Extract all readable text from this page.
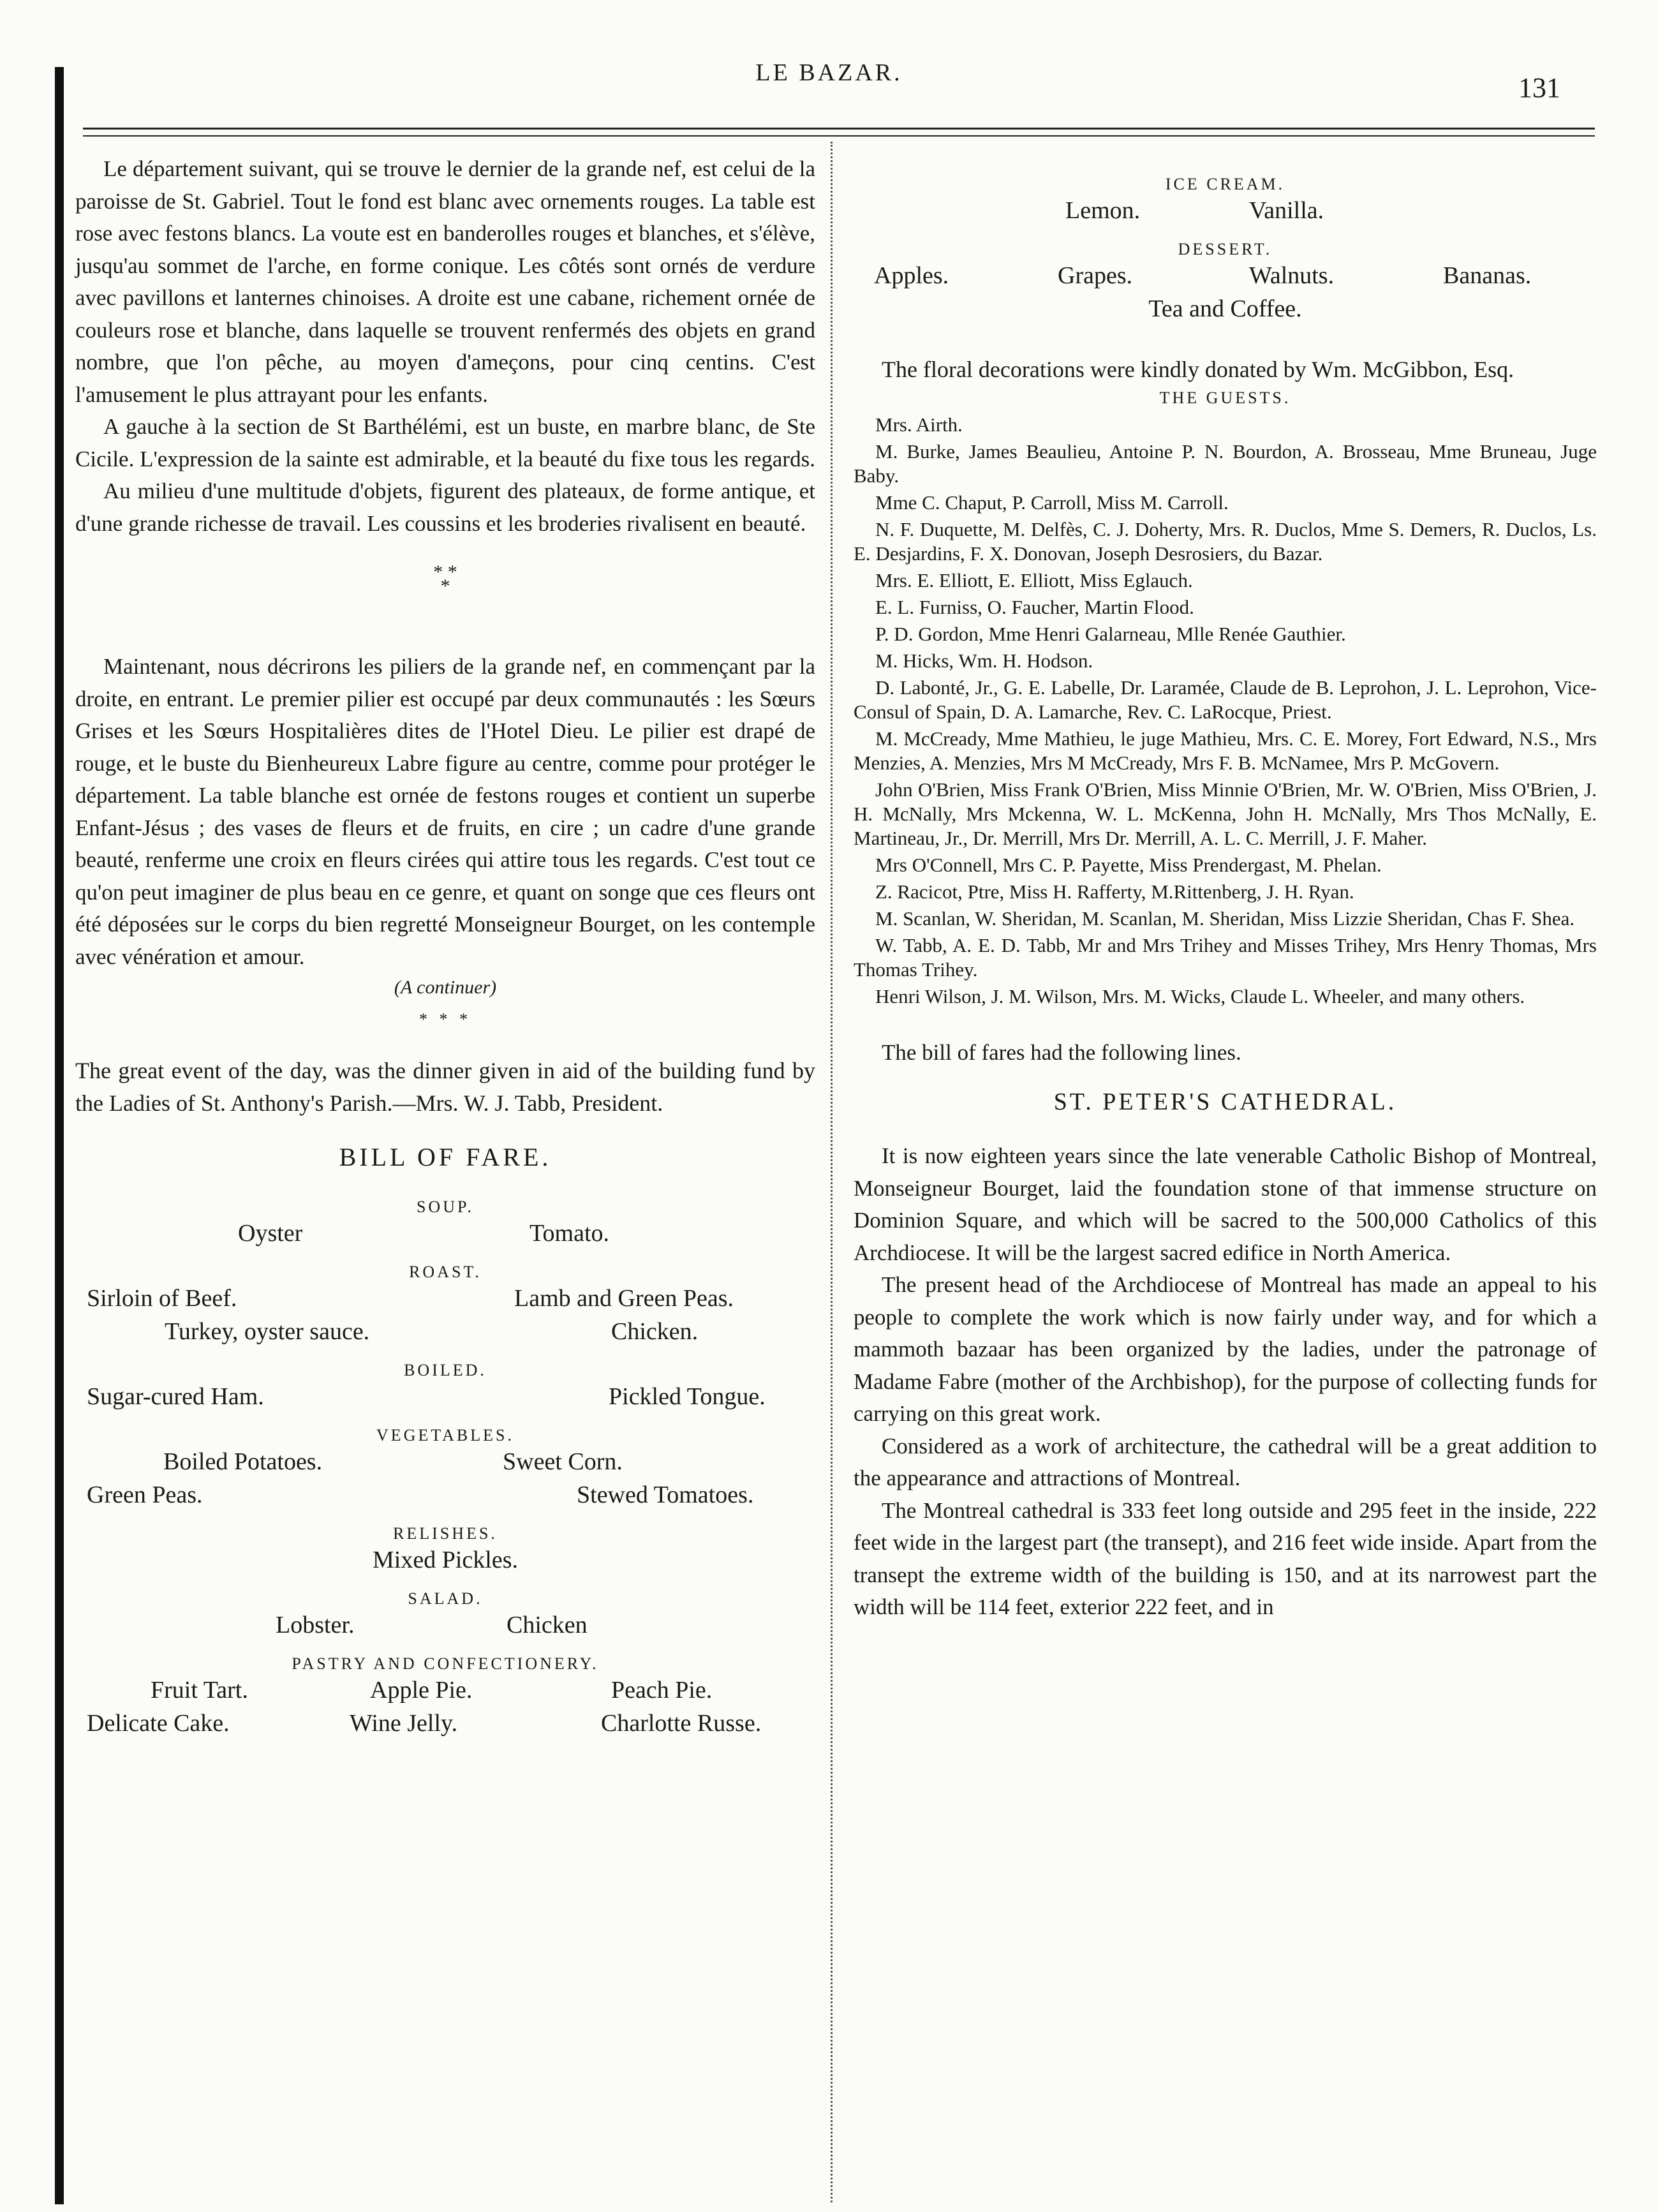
LE BAZAR.	131

Le département suivant, qui se trouve le dernier de la grande nef, est celui de la paroisse de St. Gabriel. Tout le fond est blanc avec ornements rouges. La table est rose avec festons blancs. La voute est en banderolles rouges et blanches, et s'élève, jusqu'au sommet de l'arche, en forme conique. Les côtés sont ornés de verdure avec pavillons et lanternes chinoises. A droite est une cabane, richement ornée de couleurs rose et blanche, dans laquelle se trouvent renfermés des objets en grand nombre, que l'on pêche, au moyen d'ameçons, pour cinq centins. C'est l'amusement le plus attrayant pour les enfants.

A gauche à la section de St Barthélémi, est un buste, en marbre blanc, de Ste Cicile. L'expression de la sainte est admirable, et la beauté du fixe tous les regards.

Au milieu d'une multitude d'objets, figurent des plateaux, de forme antique, et d'une grande richesse de travail. Les coussins et les broderies rivalisent en beauté.

* *
*

Maintenant, nous décrirons les piliers de la grande nef, en commençant par la droite, en entrant. Le premier pilier est occupé par deux communautés : les Sœurs Grises et les Sœurs Hospitalières dites de l'Hotel Dieu. Le pilier est drapé de rouge, et le buste du Bienheureux Labre figure au centre, comme pour protéger le département. La table blanche est ornée de festons rouges et contient un superbe Enfant-Jésus ; des vases de fleurs et de fruits, en cire ; un cadre d'une grande beauté, renferme une croix en fleurs cirées qui attire tous les regards. C'est tout ce qu'on peut imaginer de plus beau en ce genre, et quant on songe que ces fleurs ont été déposées sur le corps du bien regretté Monseigneur Bourget, on les contemple avec vénération et amour.

(A continuer)
* * *

The great event of the day, was the dinner given in aid of the building fund by the Ladies of St. Anthony's Parish.—Mrs. W. J. Tabb, President.

BILL OF FARE.
SOUP.
Oyster	Tomato.
ROAST.
Sirloin of Beef.	Lamb and Green Peas.
Turkey, oyster sauce.	Chicken.
BOILED.
Sugar-cured Ham.	Pickled Tongue.
VEGETABLES.
Boiled Potatoes.	Sweet Corn.
Green Peas.	Stewed Tomatoes.
RELISHES.
Mixed Pickles.
SALAD.
Lobster.	Chicken
PASTRY AND CONFECTIONERY.
Fruit Tart.	Apple Pie.	Peach Pie.
Delicate Cake.	Wine Jelly.	Charlotte Russe.
ICE CREAM.
Lemon.	Vanilla.
DESSERT.
Apples.	Grapes.	Walnuts.	Bananas.
Tea and Coffee.

The floral decorations were kindly donated by Wm. McGibbon, Esq.

THE GUESTS.

Mrs. Airth.

M. Burke, James Beaulieu, Antoine P. N. Bourdon, A. Brosseau, Mme Bruneau, Juge Baby.

Mme C. Chaput, P. Carroll, Miss M. Carroll.

N. F. Duquette, M. Delfès, C. J. Doherty, Mrs. R. Duclos, Mme S. Demers, R. Duclos, Ls. E. Desjardins, F. X. Donovan, Joseph Desrosiers, du Bazar.

Mrs. E. Elliott, E. Elliott, Miss Eglauch.

E. L. Furniss, O. Faucher, Martin Flood.

P. D. Gordon, Mme Henri Galarneau, Mlle Renée Gauthier.

M. Hicks, Wm. H. Hodson.

D. Labonté, Jr., G. E. Labelle, Dr. Laramée, Claude de B. Leprohon, J. L. Leprohon, Vice-Consul of Spain, D. A. Lamarche, Rev. C. LaRocque, Priest.

M. McCready, Mme Mathieu, le juge Mathieu, Mrs. C. E. Morey, Fort Edward, N.S., Mrs Menzies, A. Menzies, Mrs M McCready, Mrs F. B. McNamee, Mrs P. McGovern.

John O'Brien, Miss Frank O'Brien, Miss Minnie O'Brien, Mr. W. O'Brien, Miss O'Brien, J. H. McNally, Mrs Mckenna, W. L. McKenna, John H. McNally, Mrs Thos McNally, E. Martineau, Jr., Dr. Merrill, Mrs Dr. Merrill, A. L. C. Merrill, J. F. Maher.

Mrs O'Connell, Mrs C. P. Payette, Miss Prendergast, M. Phelan.

Z. Racicot, Ptre, Miss H. Rafferty, M.Rittenberg, J. H. Ryan.

M. Scanlan, W. Sheridan, M. Scanlan, M. Sheridan, Miss Lizzie Sheridan, Chas F. Shea.

W. Tabb, A. E. D. Tabb, Mr and Mrs Trihey and Misses Trihey, Mrs Henry Thomas, Mrs Thomas Trihey.

Henri Wilson, J. M. Wilson, Mrs. M. Wicks, Claude L. Wheeler, and many others.

The bill of fares had the following lines.

ST. PETER'S CATHEDRAL.

It is now eighteen years since the late venerable Catholic Bishop of Montreal, Monseigneur Bourget, laid the foundation stone of that immense structure on Dominion Square, and which will be sacred to the 500,000 Catholics of this Archdiocese. It will be the largest sacred edifice in North America.

The present head of the Archdiocese of Montreal has made an appeal to his people to complete the work which is now fairly under way, and for which a mammoth bazaar has been organized by the ladies, under the patronage of Madame Fabre (mother of the Archbishop), for the purpose of collecting funds for carrying on this great work.

Considered as a work of architecture, the cathedral will be a great addition to the appearance and attractions of Montreal.

The Montreal cathedral is 333 feet long outside and 295 feet in the inside, 222 feet wide in the largest part (the transept), and 216 feet wide inside. Apart from the transept the extreme width of the building is 150, and at its narrowest part the width will be 114 feet, exterior 222 feet, and in
